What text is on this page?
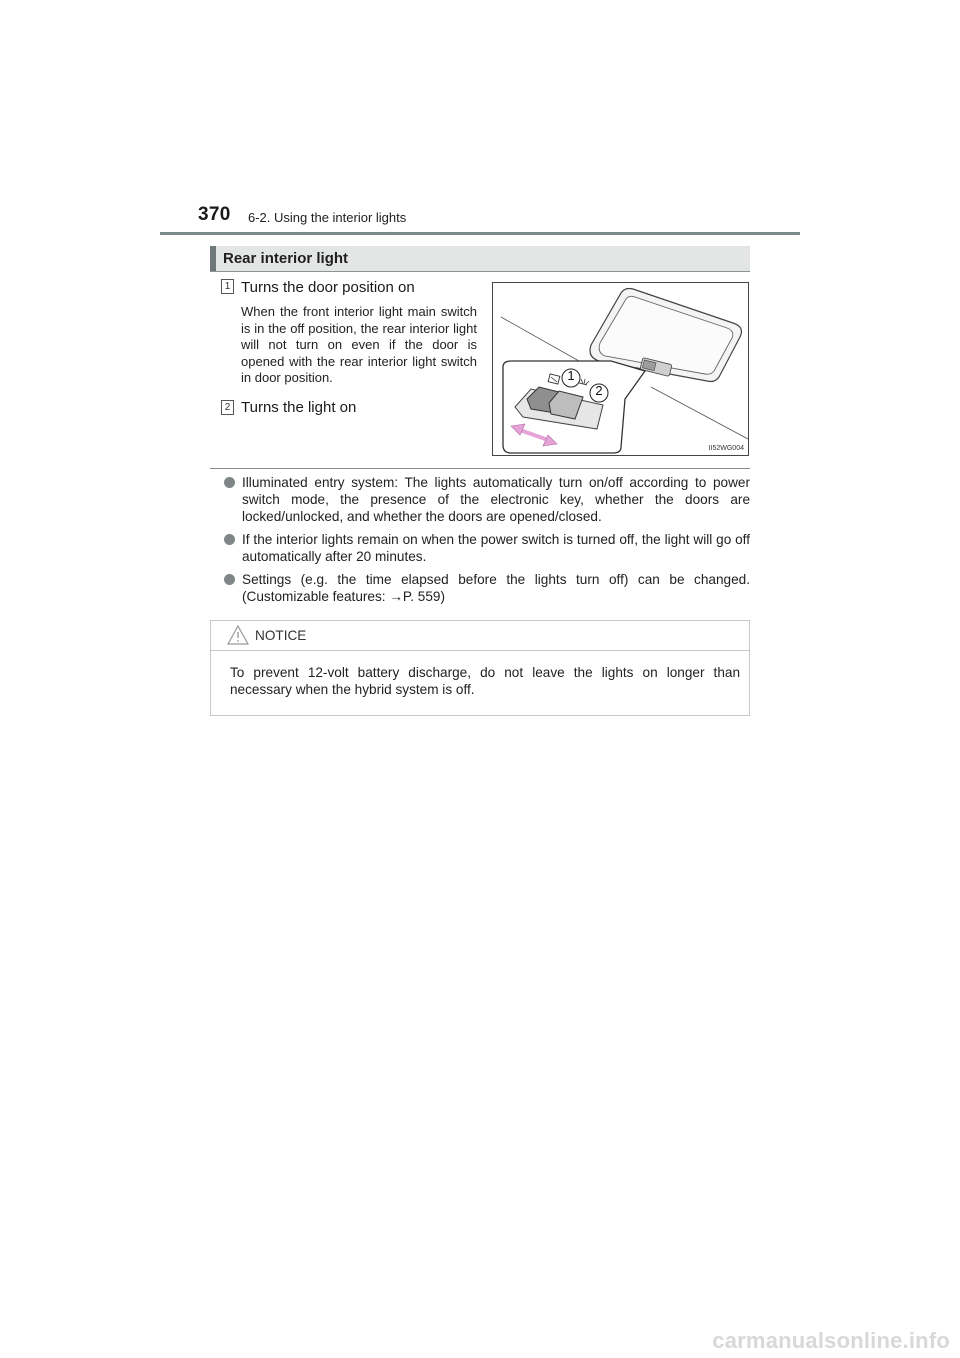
370 6-2. Using the interior lights
Rear interior light
1 Turns the door position on
When the front interior light main switch is in the off position, the rear interior light will not turn on even if the door is opened with the rear interior light switch in door position.
2 Turns the light on
1
2
II52WG004
Illuminated entry system: The lights automatically turn on/off according to power switch mode, the presence of the electronic key, whether the doors are locked/unlocked, and whether the doors are opened/closed.
If the interior lights remain on when the power switch is turned off, the light will go off automatically after 20 minutes.
Settings (e.g. the time elapsed before the lights turn off) can be changed. (Customizable features: →P. 559)
NOTICE
To prevent 12-volt battery discharge, do not leave the lights on longer than necessary when the hybrid system is off.
carmanualsonline.info
